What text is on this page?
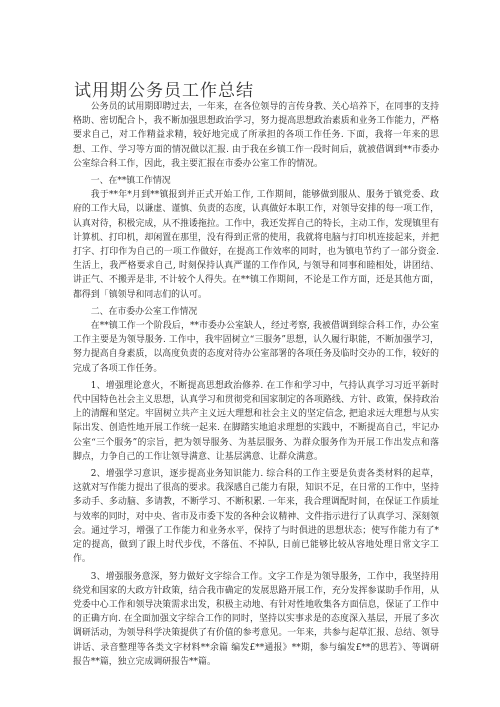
试用期公务员工作总结

公务员的试用期即聘过去，一年来，在各位领导的言传身教、关心培养下，在同事的支持格助、密切配合卜，我不断加强思想政治学习，努力提高思想政治素质和业务工作能力，严格要求自己，对工作精益求精，较好地完成了所承担的各项工作任务. 下面，我将一年来的思想、工作、学习等方面的情况做以汇报. 由于我在乡镇工作一段时间后，就被借调到**市委办公室综合科工作，因此，我主要汇报在市委办公室工作的情况。

一、在**镇工作情况

我于**年*月到**镇报到并正式开始工作, 工作期间，能够做到服从、服务于镇党委、政府的工作大局，以谦虚、谨慎、负责的态度，认真做好本职工作，对领导安排的每一项工作，认真对待，积极完成，从不推诿拖拉。工作中，我还发挥自己的特长，主动工作，发现镇里有计算机、打印机，却闲置在那里，没有得到正常的使用，我就将电脑与打印机连接起来，并把打字、打印作为自己的一项工作做好，在提高工作效率的同时，也为镇电节约了一部分资金. 生活上，我严格要求自己, 时刻保持认真严谨的工作作风, 与领导和同事和睦相处，讲团结、讲正气、不搬弄是非, 不计较个人得失。在**镇工作期间，不论是工作方面，还是其他方面，都得到「镇领导和同志们的认可。

二、在市委办公室工作情况

在**镇工作一个阶段后，**市委办公室缺人，经过考察, 我被借调到综合科工作，办公室工作主要是为领导服务. 工作中，我牢固树立“三服务”思想，认久履行职能，不断加强学习，努力提高自身素质，以高度负责的态度对待办公室部署的各项任务及临时交办的工作，较好的完成了各项工作任务。

1、增强理论意火，不断提高思想政治修养. 在工作和学习中，气持认真学习习近平新时代中国特色社会主义思想，认真学习和贯彻党和国家制定的各项路线、方针、政策，保持政治上的清醒和坚定。牢固树立共产主义远大理想和社会主义的坚定信念, 把追求远大理想与从实际出发、创造性地开展工作统一起来. 在脚踏实地追求理想的实践中，不断提高自己，牢记办公室“三个服务”的宗旨，把为领导服务、为基层服务、为群众服务作为开展工作出发点和落脚点，力争自己的工作让领导满意、让基层满意、让群众满意。

2、增强学习意识，逐步提高业务知识能力. 综合科的工作主要是负责各类材料的起草，这就对写作能力提出了很高的要求。我深感自己能力有限，知识不足，在日常的工作中，坚持多动手、多动脑、多请教，不断学习、不断积累. 一年来，我合理调配时间，在保证工作质址与效率的同时，对中央、省市及市委下发的各种会议精神、文件指示进行了认真学习、深刻领会。通过学习，增强了工作能力和业务水平，保持了与时俱进的思想状态；使写作能力有了*定的提高，做到了跟上时代步伐，不落伍、不掉队, 日前已能够比较从容地处理日常文字工作。

3、增强服务意深，努力做好文字综合工作。文字工作是为领导服务，工作中，我坚持用绕党和国家的大政方针政策，结合我市确定的发展思路开展工作，充分发挥参谋助手作用，从党委中心工作和领导决策需求出发，积极主动地、有针对性地收集各方面信息，保证了工作中的正确方向. 在全面加强文字综合工作的同时，坚持以实事求是的态度深入基层，开展了多次调研活动，为领导科学决策提供了有价值的参考意见。一年来，共参与起草汇报、总结、领导讲话、录音整理等各类文字材料**余篇 编发£**通报》**期，参与编发£**的思若》、等调研报告**篇，独立完成调研报告**篇。
